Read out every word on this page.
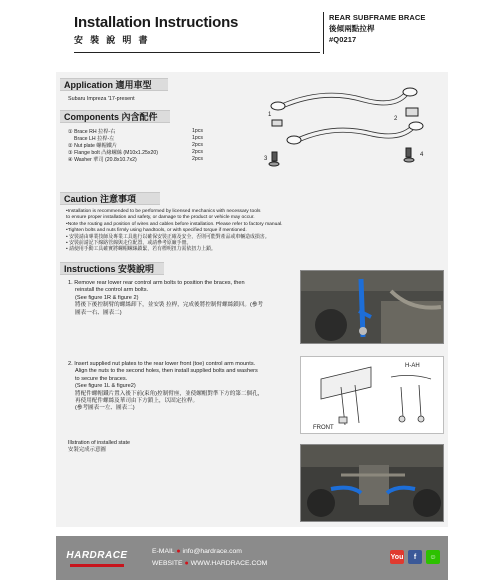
Installation Instructions
安 裝 說 明 書
REAR SUBFRAME BRACE
後傾兩點拉桿
#Q0217
Application 適用車型
Subaru Impreza '17-present
Components 內含配件
① Brace RH 拉桿-右	1pcs
Brace LH 拉桿-左	1pcs
② Nut plate 螺帽鐵片	2pcs
③ Flange bolt 凸緣螺絲 (M10x1.25x20)	2pcs
④ Washer 華司 (20.8x10.7x2)	2pcs
1
2
3
4
Caution 注意事項
•Installation is recommended to be performed by licensed mechanics with necessary tools
to ensure proper installation and safety, or damage to the product or vehicle may occur.
•Note the routing and position of wires and cables before installation. Please refer to factory manual.
•Tighten bolts and nuts firmly using handtools, or with specified torque if mentioned.
• 安裝請由專業技師及專業工具進行以確保安裝正確及安全，否則可能對產品或車輛造成損害。
• 安裝前請記下線路管線與走位配置，或請參考原廠手冊。
• 請使用手動工具確實將螺帽螺絲鎖緊，若有標明扭力需依扭力上鎖。
Instructions 安裝說明
1. Remove rear lower rear control arm bolts to position the braces, then
reinstall the control arm bolts.
(See figure 1R & figure 2)
將後下後控制臂的螺絲卸下，並安裝 拉桿，完成後將控制臂螺絲鎖回。(參考
圖表一右、圖表二)
2. Insert supplied nut plates to the rear lower front (toe) control arm mounts.
Align the nuts to the second holes, then install supplied bolts and washers
to secure the braces.
(See figure 1L & figure2)
將配件螺帽鐵片置入後下前(束角)控制臂座，並使螺帽對準下方的第二個孔，
再使用配件螺絲及華司由下方鎖上，以固定拉桿。
(參考圖表一左、圖表二)
FRONT
H-AH
Illstration of installed state
安裝完成示意圖
HARDRACE	E-MAIL ● info@hardrace.com
WEBSITE ● WWW.HARDRACE.COM
You	f	☺
